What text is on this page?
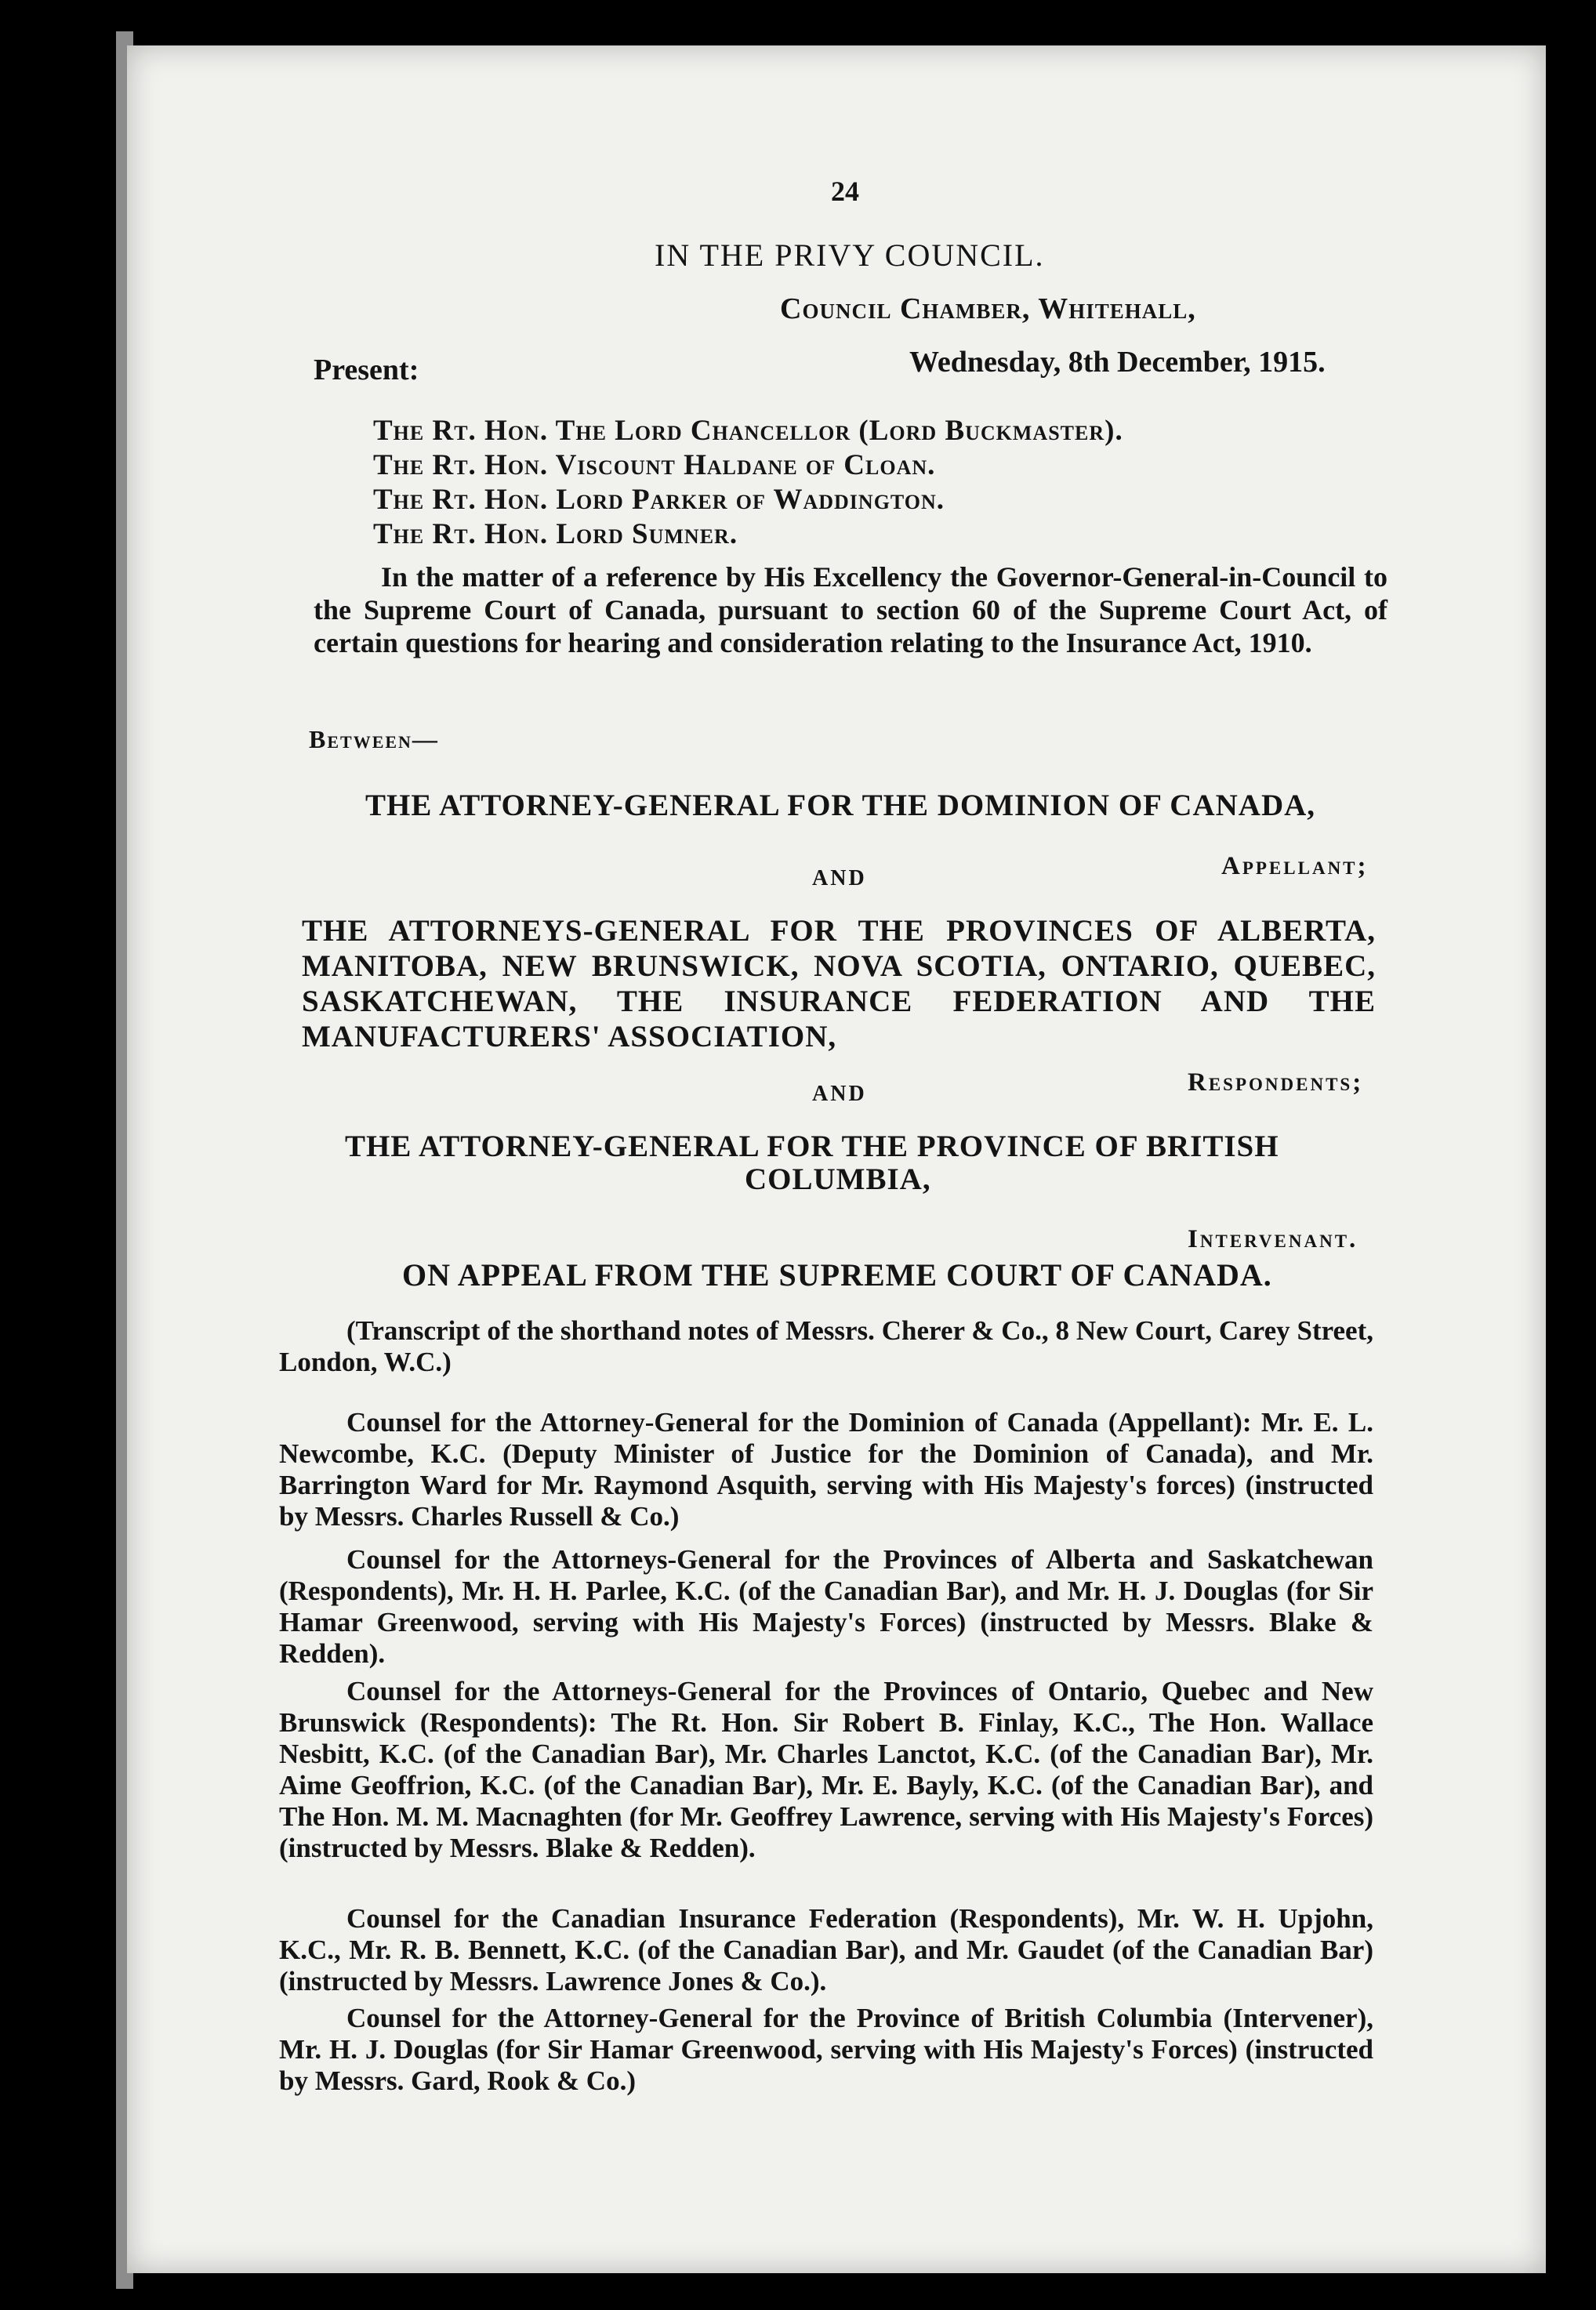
24
IN THE PRIVY COUNCIL.
Council Chamber, Whitehall,
Wednesday, 8th December, 1915.
Present:
The Rt. Hon. The Lord Chancellor (Lord Buckmaster).
The Rt. Hon. Viscount Haldane of Cloan.
The Rt. Hon. Lord Parker of Waddington.
The Rt. Hon. Lord Sumner.
In the matter of a reference by His Excellency the Governor-General-in-Council to the Supreme Court of Canada, pursuant to section 60 of the Supreme Court Act, of certain questions for hearing and consideration relating to the Insurance Act, 1910.
Between—
THE ATTORNEY-GENERAL FOR THE DOMINION OF CANADA,
Appellant;
AND
THE ATTORNEYS-GENERAL FOR THE PROVINCES OF ALBERTA, MANITOBA, NEW BRUNSWICK, NOVA SCOTIA, ONTARIO, QUEBEC, SASKATCHEWAN, THE INSURANCE FEDERATION AND THE MANUFACTURERS' ASSOCIATION,
Respondents;
AND
THE ATTORNEY-GENERAL FOR THE PROVINCE OF BRITISH
COLUMBIA,
Intervenant.
ON APPEAL FROM THE SUPREME COURT OF CANADA.
(Transcript of the shorthand notes of Messrs. Cherer & Co., 8 New Court, Carey Street, London, W.C.)
Counsel for the Attorney-General for the Dominion of Canada (Appellant): Mr. E. L. Newcombe, K.C. (Deputy Minister of Justice for the Dominion of Canada), and Mr. Barrington Ward for Mr. Raymond Asquith, serving with His Majesty's forces) (instructed by Messrs. Charles Russell & Co.)
Counsel for the Attorneys-General for the Provinces of Alberta and Saskatchewan (Respondents), Mr. H. H. Parlee, K.C. (of the Canadian Bar), and Mr. H. J. Douglas (for Sir Hamar Greenwood, serving with His Majesty's Forces) (instructed by Messrs. Blake & Redden).
Counsel for the Attorneys-General for the Provinces of Ontario, Quebec and New Brunswick (Respondents): The Rt. Hon. Sir Robert B. Finlay, K.C., The Hon. Wallace Nesbitt, K.C. (of the Canadian Bar), Mr. Charles Lanctot, K.C. (of the Canadian Bar), Mr. Aime Geoffrion, K.C. (of the Canadian Bar), Mr. E. Bayly, K.C. (of the Canadian Bar), and The Hon. M. M. Macnaghten (for Mr. Geoffrey Lawrence, serving with His Majesty's Forces) (instructed by Messrs. Blake & Redden).
Counsel for the Canadian Insurance Federation (Respondents), Mr. W. H. Upjohn, K.C., Mr. R. B. Bennett, K.C. (of the Canadian Bar), and Mr. Gaudet (of the Canadian Bar) (instructed by Messrs. Lawrence Jones & Co.).
Counsel for the Attorney-General for the Province of British Columbia (Intervener), Mr. H. J. Douglas (for Sir Hamar Greenwood, serving with His Majesty's Forces) (instructed by Messrs. Gard, Rook & Co.)
